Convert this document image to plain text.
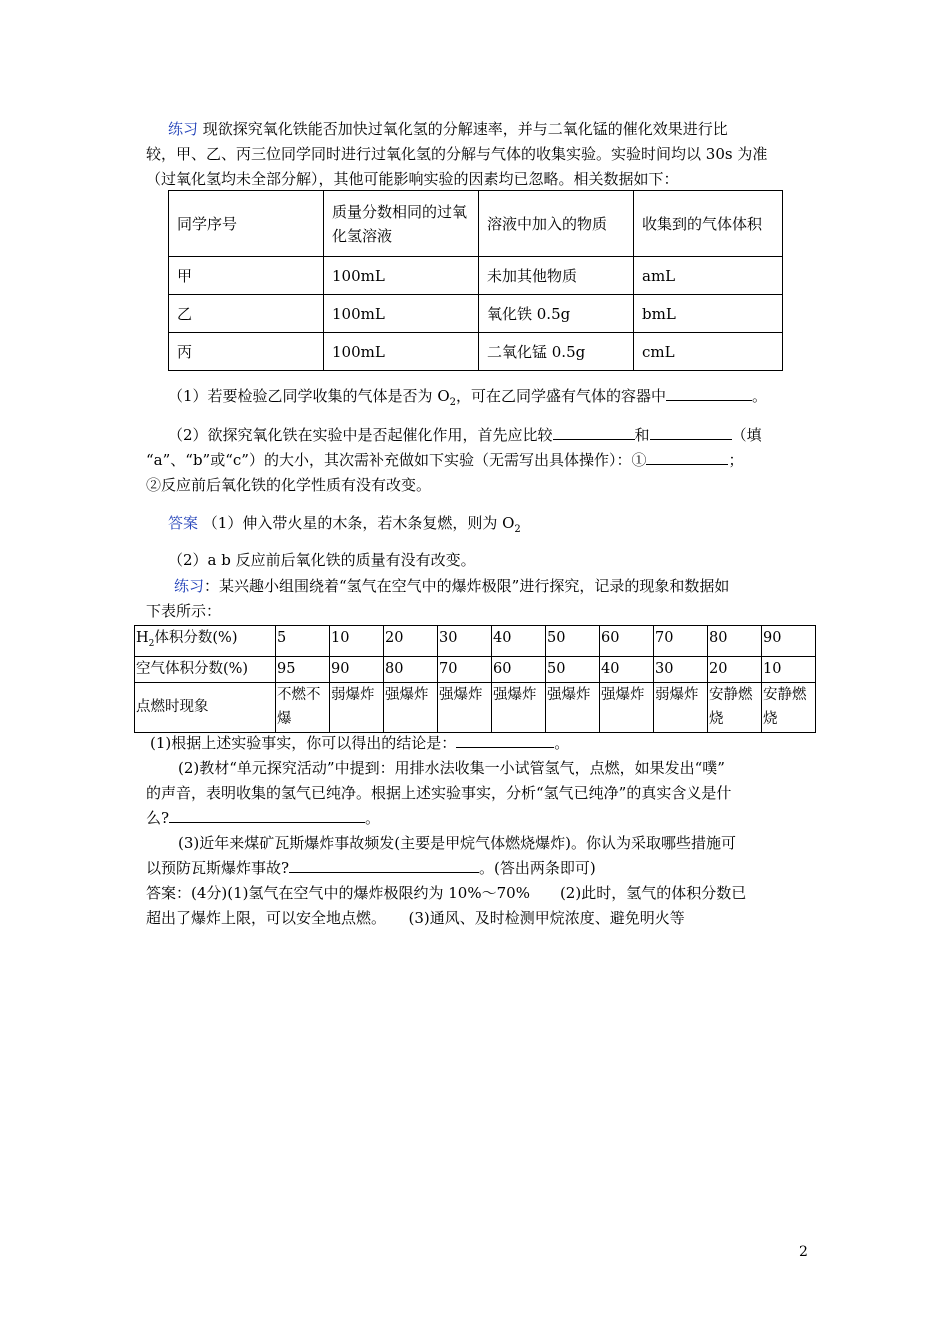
练习 现欲探究氧化铁能否加快过氧化氢的分解速率，并与二氧化锰的催化效果进行比
较，甲、乙、丙三位同学同时进行过氧化氢的分解与气体的收集实验。实验时间均以 30s 为准
（过氧化氢均未全部分解），其他可能影响实验的因素均已忽略。相关数据如下：
同学序号	质量分数相同的过氧化氢溶液	溶液中加入的物质	收集到的气体体积
甲	100mL	未加其他物质	amL
乙	100mL	氧化铁 0.5g	bmL
丙	100mL	二氧化锰 0.5g	cmL
（1）若要检验乙同学收集的气体是否为 $O_2$，可在乙同学盛有气体的容器中	。
（2）欲探究氧化铁在实验中是否起催化作用，首先应比较	和	（填
“a”、“b”或“c”）的大小，其次需补充做如下实验（无需写出具体操作）：①	；
②反应前后氧化铁的化学性质有没有改变。
答案 （1）伸入带火星的木条，若木条复燃，则为 $O_2$
（2）a b 反应前后氧化铁的质量有没有改变。
练习：某兴趣小组围绕着“氢气在空气中的爆炸极限”进行探究，记录的现象和数据如
下表所示：
$H_2$体积分数(%)	5	10	20	30	40	50	60	70	80	90
空气体积分数(%)	95	90	80	70	60	50	40	30	20	10
点燃时现象	不燃不爆	弱爆炸	强爆炸	强爆炸	强爆炸	强爆炸	强爆炸	弱爆炸	安静燃烧	安静燃烧
(1)根据上述实验事实，你可以得出的结论是：	。
(2)教材“单元探究活动”中提到：用排水法收集一小试管氢气，点燃，如果发出“噗”
的声音，表明收集的氢气已纯净。根据上述实验事实，分析“氢气已纯净”的真实含义是什
么?	。
(3)近年来煤矿瓦斯爆炸事故频发(主要是甲烷气体燃烧爆炸)。你认为采取哪些措施可
以预防瓦斯爆炸事故?	。(答出两条即可)
答案：(4分)(1)氢气在空气中的爆炸极限约为 10%～70%　　(2)此时，氢气的体积分数已
超出了爆炸上限，可以安全地点燃。　　(3)通风、及时检测甲烷浓度、避免明火等
2
